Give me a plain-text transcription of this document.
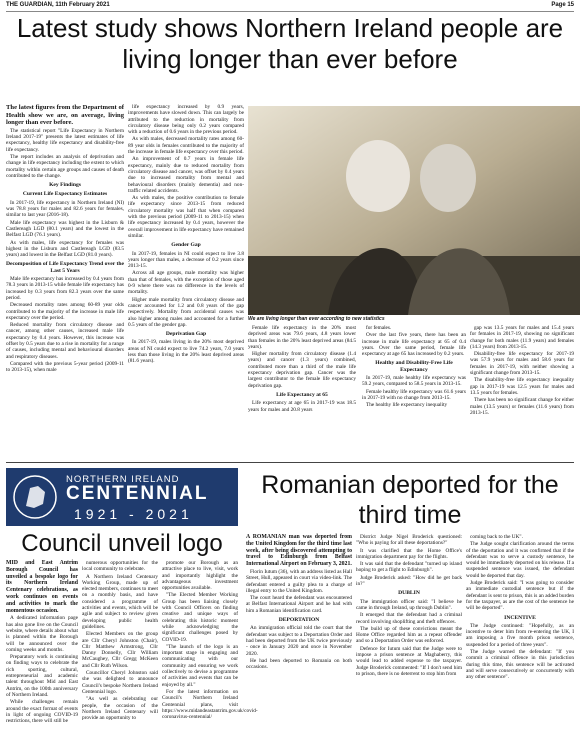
THE GUARDIAN, 11th February 2021	Page 15
Latest study shows Northern Ireland people are living longer than ever before

The latest figures from the Department of Health show we are, on average, living longer than ever before.

The statistical report "Life Expectancy in Northern Ireland 2017-19" presents the latest estimates of life expectancy, healthy life expectancy and disability-free life expectancy.

The report includes an analysis of deprivation and change in life expectancy including the extent to which mortality within certain age groups and causes of death contributed to the change.

Key Findings
Current Life Expectancy Estimates

In 2017-19, life expectancy in Northern Ireland (NI) was 78.8 years for males and 82.6 years for females, similar to last year (2016-18).

Male life expectancy was highest in the Lisburn & Castlereagh LGD (80.1 years) and the lowest in the Belfast LGD (76.1 years).

As with males, life expectancy for females was highest in the Lisburn and Castlereagh LGD (83.5 years) and lowest in the Belfast LGD (81.0 years).

Decomposition of Life Expectancy Trend over the Last 5 Years

Male life expectancy has increased by 0.4 years from 78.3 years in 2013-15 while female life expectancy has increased by 0.3 years from 82.3 years over the same period.

Decreased mortality rates among 60-89 year olds contributed to the majority of the increase in male life expectancy over the period.

Reduced mortality from circulatory disease and cancer, among other causes, increased male life expectancy by 0.4 years. However, this increase was offset by 0.5 years due to a rise in mortality for a range of causes, including mental and behavioural disorders and respiratory diseases.

Compared with the previous 5-year period (2009-11 to 2013-15), when male

life expectancy increased by 0.9 years, improvements have slowed down. This can largely be attributed to the reduction in mortality from circulatory disease being only 0.2 years compared with a reduction of 0.6 years in the previous period.

As with males, decreased mortality rates among 60-89 year olds in females contributed to the majority of the increase in female life expectancy over this period.

An improvement of 0.7 years in female life expectancy, mainly due to reduced mortality from circulatory disease and cancer, was offset by 0.4 years due to increased mortality from mental and behavioural disorders (mainly dementia) and non-traffic related accidents.

As with males, the positive contribution to female life expectancy since 2013-15 from reduced circulatory mortality was half that when compared with the previous period (2009-11 to 2013-15) when life expectancy increased by 0.4 years, however the overall improvement in life expectancy have remained similar.

Gender Gap

In 2017-19, females in NI could expect to live 3.8 years longer than males, a decrease of 0.2 years since 2013-15.

Across all age groups, male mortality was higher than that of females, with the exception of those aged 0-9 where there was no difference in the levels of mortality.

Higher male mortality from circulatory disease and cancer accounted for 1.2 and 0.8 years of the gap respectively. Mortality from accidental causes was also higher among males and accounted for a further 0.5 years of the gender gap.

Deprivation Gap

In 2017-19, males living in the 20% most deprived areas of NI could expect to live 74.2 years, 7.0 years less than those living in the 20% least deprived areas (81.6 years).

We are living longer than ever according to new statistics

Female life expectancy in the 20% most deprived areas was 79.6 years, 4.8 years lower than females in the 20% least deprived areas (84.5 years).

Higher mortality from circulatory disease (1.4 years) and cancer (1.3 years) combined, contributed more than a third of the male life expectancy deprivation gap. Cancer was the largest contributor to the female life expectancy deprivation gap.

Life Expectancy at 65

Life expectancy at age 65 in 2017-19 was 18.5 years for males and 20.8 years

for females.

Over the last five years, there has been an increase in male life expectancy at 65 of 0.4 years. Over the same period, female life expectancy at age 65 has increased by 0.2 years.

Healthy and Disability-Free Life Expectancy

In 2017-19, male healthy life expectancy was 59.2 years, compared to 58.5 years in 2013-15.

Female healthy life expectancy was 61.6 years in 2017-19 with no change from 2013-15.

The healthy life expectancy inequality

gap was 13.5 years for males and 15.4 years for females in 2017-19, showing no significant change for both males (11.9 years) and females (14.3 years) from 2013-15.

Disability-free life expectancy for 2017-19 was 57.9 years for males and 58.6 years for females in 2017-19, with neither showing a significant change from 2013-15.

The disability-free life expectancy inequality gap in 2017-19 was 12.5 years for males and 13.5 years for females.

There has been no significant change for either males (13.5 years) or females (11.6 years) from 2013-15.

NORTHERN IRELAND
CENTENNIAL
1921 - 2021
Council unveil logo

MID and East Antrim Borough Council has unveiled a bespoke logo for its Northern Ireland Centenary celebrations, as work continues on events and activities to mark the momentous occasion.

A dedicated information page has also gone live on the Council website, where details about what is planned within the Borough will be announced over the coming weeks and months.

Preparatory work is continuing on finding ways to celebrate the rich sporting, cultural, entrepreneurial and academic talent throughout Mid and East Antrim, on the 100th anniversary of Northern Ireland.

While challenges remain around the exact format of events in light of ongoing COVID-19 restrictions, there will still be

numerous opportunities for the local community to celebrate.

A Northern Ireland Centenary Working Group, made up of elected members, continues to meet on a monthly basis, and have considered a programme of activities and events, which will be agile and subject to review given developing public health guidelines.

Elected Members on the group are Cllr Cheryl Johnston (Chair), Cllr Matthew Armstrong, Cllr Danny Donnelly, Cllr William McCaughey, Cllr Gregg McKeen and Cllr Ruth Wilson.

Councillor Cheryl Johnston said she was delighted to announce Council's bespoke Northern Ireland Centennial logo.

"As well as celebrating our people, the occasion of the Northern Ireland Centenary will provide an opportunity to

promote our Borough as an attractive place to live, visit, work and importantly highlight the advantageous investment opportunities available.

"The Elected Member Working Group has been liaising closely with Council Officers on finding creative and unique ways of celebrating this historic moment while acknowledging the significant challenges posed by COVID-19.

"The launch of the logo is an important stage in engaging and communicating with our community and ensuring we work collectively to devise a programme of activities and events that can be enjoyed by all."

For the latest information on Council's Northern Ireland Centennial plans, visit https://www.midandeastantrim.gov.uk/covid-coronavirus-centennial/

Romanian deported for the third time

A ROMANIAN man was deported from the United Kingdom for the third time last week, after being discovered attempting to travel to Edinburgh from Belfast International Airport on February 3, 2021.

Florin Iutum (36), with an address listed as Hall Street, Hull, appeared in court via video-link. The defendant entered a guilty plea to a charge of illegal entry to the United Kingdom.

The court heard the defendant was encountered at Belfast International Airport and he had with him a Romanian identification card.

DEPORTATION

An immigration official told the court that the defendant was subject to a Deportation Order and had been deported from the UK twice previously - once in January 2020 and once in November 2020.

He had been deported to Romania on both occasions.

District Judge Nigel Broderick questioned: "Who is paying for all these deportations?"

It was clarified that the Home Office's immigration department pay for the flights.

It was said that the defendant "turned up island hoping to get a flight to Edinburgh".

Judge Broderick asked: "How did he get back in?"

DUBLIN

The immigration officer said: "I believe he came in through Ireland, up through Dublin".

It emerged that the defendant had a criminal record involving shoplifting and theft offences.

The build up of these convictions meant the Home Office regarded him as a repeat offender and so a Deportation Order was enforced.

Defence for Iutum said that the Judge were to impose a prison sentence at Maghaberry, this would lead to added expense to the taxpayer. Judge Broderick commented: "If I don't send him to prison, there is no deterrent to stop him from

coming back to the UK".

The Judge sought clarification around the terms of the deportation and it was confirmed that if the defendant was to serve a custody sentence, he would be immediately deported on his release. If a suspended sentence was issued, the defendant would be deported that day.

Judge Broderick said: "I was going to consider an immediate custodial sentence but if the defendant is sent to prison, this is an added burden for the taxpayer, as are the cost of the sentence he will be deported".

INCENTIVE

The Judge continued: "Hopefully, as an incentive to deter him from re-entering the UK, I am imposing a five month prison sentence, suspended for a period of three years".

The Judge warned the defendant: "If you commit a criminal offence in this jurisdiction during this time, this sentence will be activated and will serve consecutively or concurrently with any other sentence".
